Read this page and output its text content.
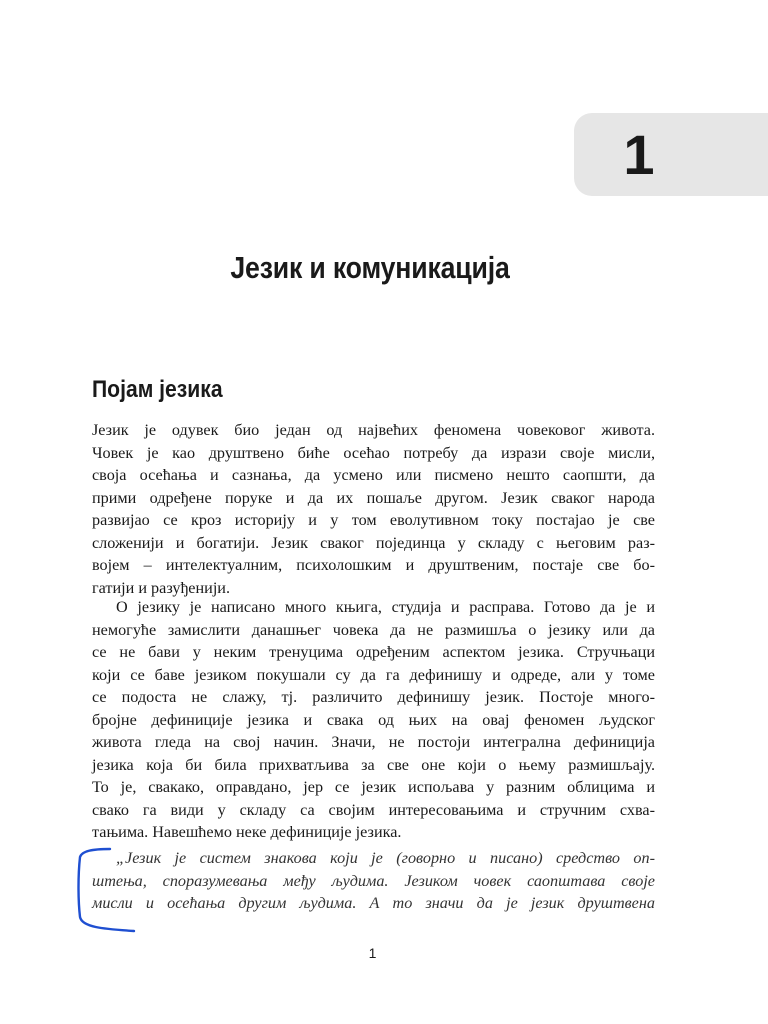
1
Језик и комуникација
Појам језика
Језик је одувек био један од највећих феномена човековог живота.
Човек је као друштвено биће осећао потребу да изрази своје мисли,
своја осећања и сазнања, да усмено или писмено нешто саопшти, да
прими одређене поруке и да их пошаље другом. Језик сваког народа
развијао се кроз историју и у том еволутивном току постајао је све
сложенији и богатији. Језик сваког појединца у складу с његовим раз-
војем – интелектуалним, психолошким и друштвеним, постаје све бо-
гатији и разуђенији.
О језику је написано много књига, студија и расправа. Готово да је и
немогуће замислити данашњег човека да не размишља о језику или да
се не бави у неким тренуцима одређеним аспектом језика. Стручњаци
који се баве језиком покушали су да га дефинишу и одреде, али у томе
се подоста не слажу, тј. различито дефинишу језик. Постоје много-
бројне дефиниције језика и свака од њих на овај феномен људског
живота гледа на свој начин. Значи, не постоји интегрална дефиниција
језика која би била прихватљива за све оне који о њему размишљају.
То је, свакако, оправдано, јер се језик испољава у разним облицима и
свако га види у складу са својим интересовањима и стручним схва-
тањима. Навешћемо неке дефиниције језика.
„Језик је систем знакова који је (говорно и писано) средство оп-
штења, споразумевања међу људима. Језиком човек саопштава своје
мисли и осећања другим људима. А то значи да је језик друштвена
1
